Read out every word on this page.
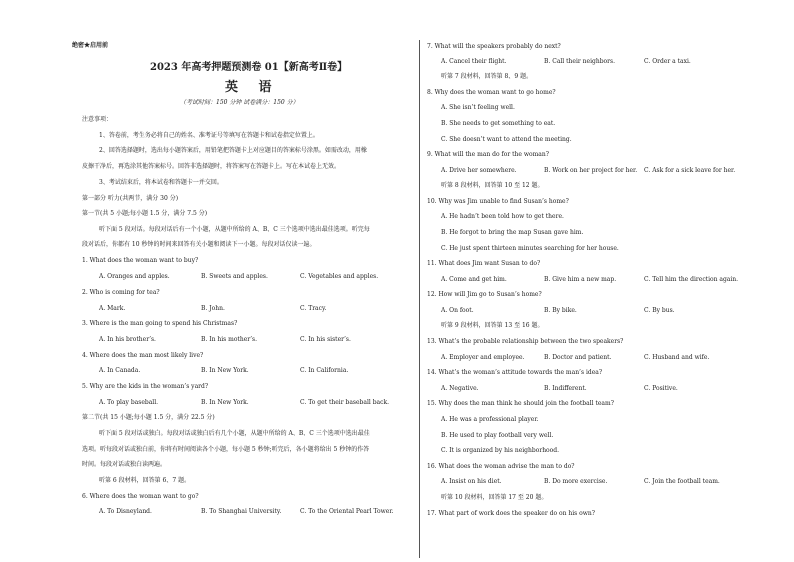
绝密★启用前
2023 年高考押题预测卷 01【新高考Ⅱ卷】
英 语
（考试时间：150 分钟 试卷满分：150 分）
注意事项：
1、答卷前，考生务必将自己的姓名、准考证号等填写在答题卡和试卷指定位置上。
2、回答选择题时，选出每小题答案后，用铅笔把答题卡上对应题目的答案标号涂黑。如需改动，用橡
皮擦干净后，再选涂其他答案标号。回答非选择题时，将答案写在答题卡上。写在本试卷上无效。
3、考试结束后，将本试卷和答题卡一并交回。
第一部分 听力(共两节，满分 30 分)
第一节(共 5 小题;每小题 1.5 分，满分 7.5 分)
听下面 5 段对话。每段对话后有一个小题，从题中所给的 A、B、C 三个选项中选出最佳选项。听完每
段对话后，你都有 10 秒钟的时间来回答有关小题和阅读下一小题。每段对话仅读一遍。
1. What does the woman want to buy?
A. Oranges and apples.	B. Sweets and apples.	C. Vegetables and apples.
2. Who is coming for tea?
A. Mark.	B. John.	C. Tracy.
3. Where is the man going to spend his Christmas?
A. In his brother’s.	B. In his mother’s.	C. In his sister’s.
4. Where does the man most likely live?
A. In Canada.	B. In New York.	C. In California.
5. Why are the kids in the woman’s yard?
A. To play baseball.	B. In New York.	C. To get their baseball back.
第二节(共 15 小题;每小题 1.5 分，满分 22.5 分)
听下面 5 段对话或独白。每段对话或独白后有几个小题，从题中所给的 A、B、C 三个选项中选出最佳
选项。听每段对话或独白前，你将有时间阅读各个小题，每小题 5 秒钟;听完后，各小题将给出 5 秒钟的作答
时间。每段对话或独白读两遍。
听第 6 段材料，回答第 6、7 题。
6. Where does the woman want to go?
A. To Disneyland.	B. To Shanghai University.	C. To the Oriental Pearl Tower.
7. What will the speakers probably do next?
A. Cancel their flight.	B. Call their neighbors.	C. Order a taxi.
听第 7 段材料，回答第 8、9 题。
8. Why does the woman want to go home?
A. She isn’t feeling well.
B. She needs to get something to eat.
C. She doesn’t want to attend the meeting.
9. What will the man do for the woman?
A. Drive her somewhere.	B. Work on her project for her. C. Ask for a sick leave for her.
听第 8 段材料，回答第 10 至 12 题。
10. Why was Jim unable to find Susan’s home?
A. He hadn’t been told how to get there.
B. He forgot to bring the map Susan gave him.
C. He just spent thirteen minutes searching for her house.
11. What does Jim want Susan to do?
A. Come and get him.	B. Give him a new map.	C. Tell him the direction again.
12. How will Jim go to Susan’s home?
A. On foot.	B. By bike.	C. By bus.
听第 9 段材料，回答第 13 至 16 题。
13. What’s the probable relationship between the two speakers?
A. Employer and employee.	B. Doctor and patient.	C. Husband and wife.
14. What’s the woman’s attitude towards the man’s idea?
A. Negative.	B. Indifferent.	C. Positive.
15. Why does the man think he should join the football team?
A. He was a professional player.
B. He used to play football very well.
C. It is organized by his neighborhood.
16. What does the woman advise the man to do?
A. Insist on his diet.	B. Do more exercise.	C. Join the football team.
听第 10 段材料，回答第 17 至 20 题。
17. What part of work does the speaker do on his own?
